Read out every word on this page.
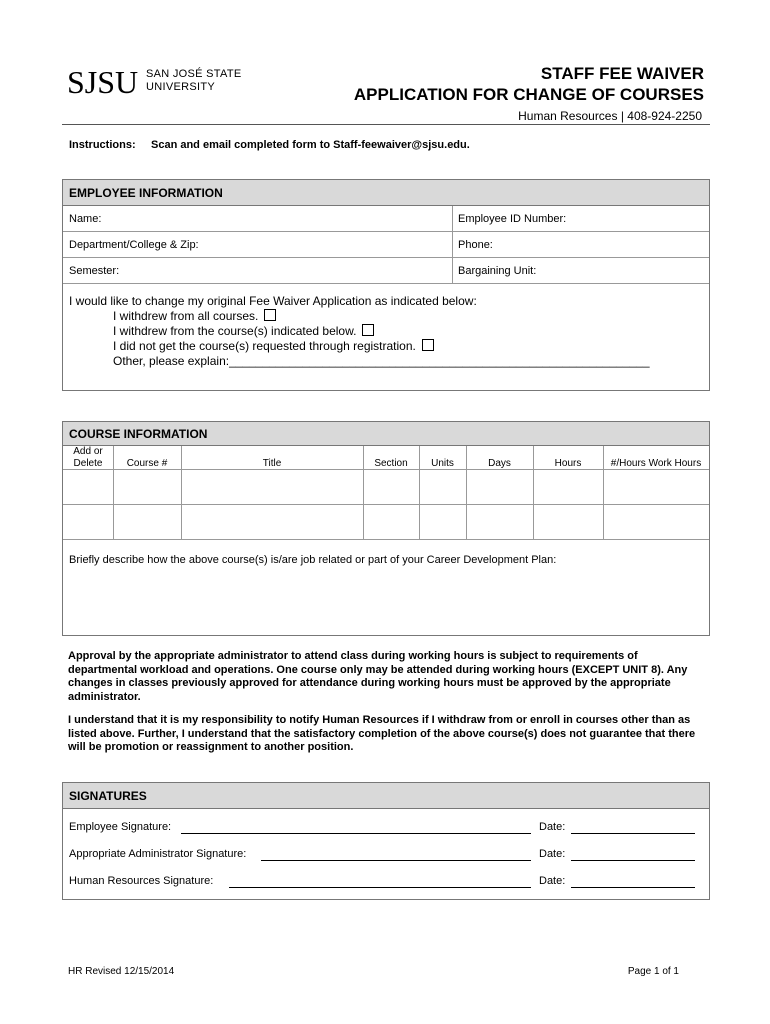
SJSU SAN JOSÉ STATE
UNIVERSITY
STAFF FEE WAIVER
APPLICATION FOR CHANGE OF COURSES
Human Resources | 408-924-2250
Instructions: Scan and email completed form to Staff-feewaiver@sjsu.edu.
EMPLOYEE INFORMATION
Name:	Employee ID Number:
Department/College & Zip:	Phone:
Semester:	Bargaining Unit:
I would like to change my original Fee Waiver Application as indicated below:
I withdrew from all courses.
I withdrew from the course(s) indicated below.
I did not get the course(s) requested through registration.
Other, please explain:_______________________________________________________________
COURSE INFORMATION
Add or
Delete	Course #	Title	Section	Units	Days	Hours	#/Hours Work Hours
Briefly describe how the above course(s) is/are job related or part of your Career Development Plan:
Approval by the appropriate administrator to attend class during working hours is subject to requirements of departmental workload and operations. One course only may be attended during working hours (EXCEPT UNIT 8). Any changes in classes previously approved for attendance during working hours must be approved by the appropriate administrator.
I understand that it is my responsibility to notify Human Resources if I withdraw from or enroll in courses other than as listed above. Further, I understand that the satisfactory completion of the above course(s) does not guarantee that there will be promotion or reassignment to another position.
SIGNATURES
Employee Signature:	Date:
Appropriate Administrator Signature:	Date:
Human Resources Signature:	Date:
HR Revised 12/15/2014	Page 1 of 1
